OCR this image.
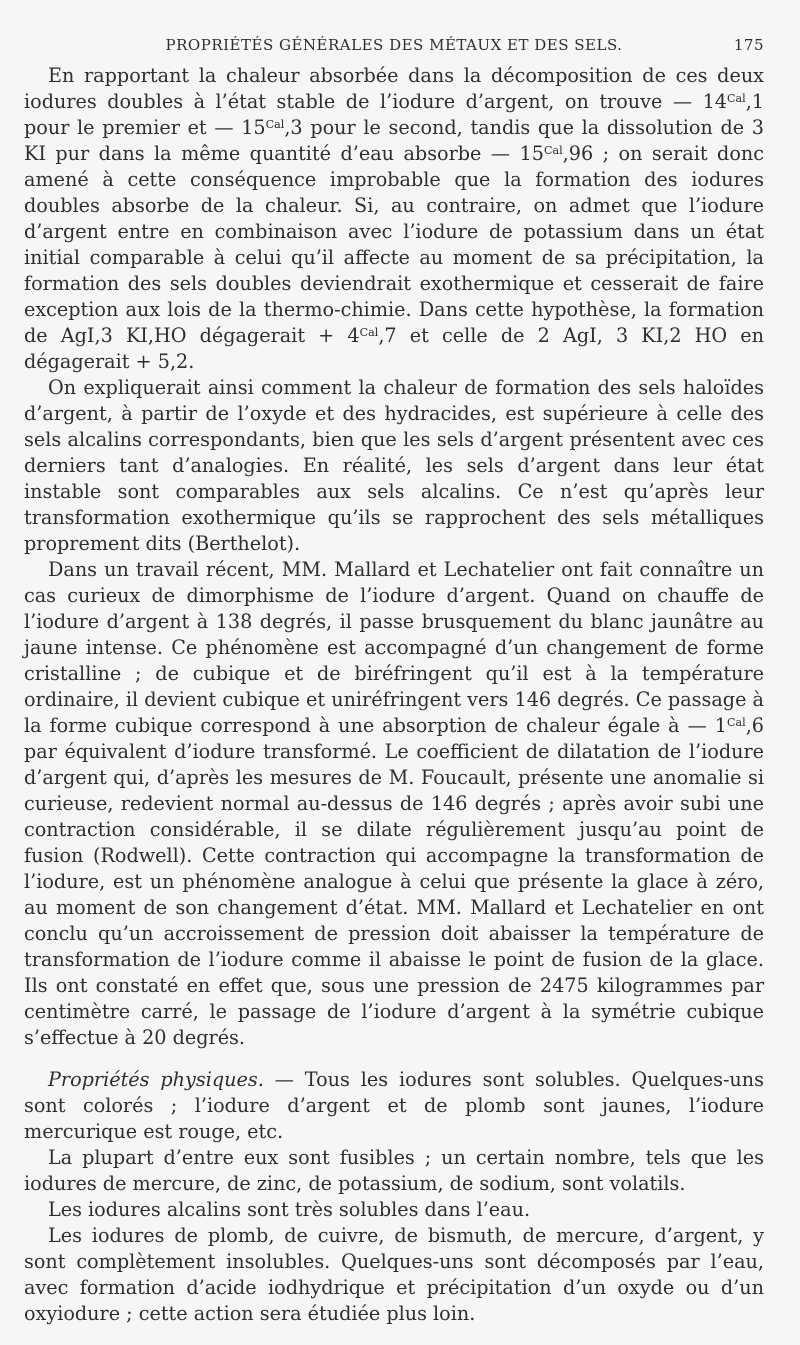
PROPRIÉTÉS GÉNÉRALES DES MÉTAUX ET DES SELS.	175

En rapportant la chaleur absorbée dans la décomposition de ces deux iodures doubles à l’état stable de l’iodure d’argent, on trouve — $14^{Cal},1$ pour le premier et — $15^{Cal},3$ pour le second, tandis que la dissolution de 3 KI pur dans la même quantité d’eau absorbe — $15^{Cal},96$ ; on serait donc amené à cette conséquence improbable que la formation des iodures doubles absorbe de la chaleur. Si, au contraire, on admet que l’iodure d’argent entre en combinaison avec l’iodure de potassium dans un état initial comparable à celui qu’il affecte au moment de sa précipitation, la formation des sels doubles deviendrait exothermique et cesserait de faire exception aux lois de la thermo-chimie. Dans cette hypothèse, la formation de AgI,3 KI,HO dégagerait + $4^{Cal},7$ et celle de 2 AgI, 3 KI,2 HO en dégagerait + 5,2.

On expliquerait ainsi comment la chaleur de formation des sels haloïdes d’argent, à partir de l’oxyde et des hydracides, est supérieure à celle des sels alcalins correspondants, bien que les sels d’argent présentent avec ces derniers tant d’analogies. En réalité, les sels d’argent dans leur état instable sont comparables aux sels alcalins. Ce n’est qu’après leur transformation exothermique qu’ils se rapprochent des sels métalliques proprement dits (Berthelot).

Dans un travail récent, MM. Mallard et Lechatelier ont fait connaître un cas curieux de dimorphisme de l’iodure d’argent. Quand on chauffe de l’iodure d’argent à 138 degrés, il passe brusquement du blanc jaunâtre au jaune intense. Ce phénomène est accompagné d’un changement de forme cristalline ; de cubique et de biréfringent qu’il est à la température ordinaire, il devient cubique et uniréfringent vers 146 degrés. Ce passage à la forme cubique correspond à une absorption de chaleur égale à — $1^{Cal},6$ par équivalent d’iodure transformé. Le coefficient de dilatation de l’iodure d’argent qui, d’après les mesures de M. Foucault, présente une anomalie si curieuse, redevient normal au-dessus de 146 degrés ; après avoir subi une contraction considérable, il se dilate régulièrement jusqu’au point de fusion (Rodwell). Cette contraction qui accompagne la transformation de l’iodure, est un phénomène analogue à celui que présente la glace à zéro, au moment de son changement d’état. MM. Mallard et Lechatelier en ont conclu qu’un accroissement de pression doit abaisser la température de transformation de l’iodure comme il abaisse le point de fusion de la glace. Ils ont constaté en effet que, sous une pression de 2475 kilogrammes par centimètre carré, le passage de l’iodure d’argent à la symétrie cubique s’effectue à 20 degrés.

Propriétés physiques. — Tous les iodures sont solubles. Quelques-uns sont colorés ; l’iodure d’argent et de plomb sont jaunes, l’iodure mercurique est rouge, etc.

La plupart d’entre eux sont fusibles ; un certain nombre, tels que les iodures de mercure, de zinc, de potassium, de sodium, sont volatils.

Les iodures alcalins sont très solubles dans l’eau.

Les iodures de plomb, de cuivre, de bismuth, de mercure, d’argent, y sont complètement insolubles. Quelques-uns sont décomposés par l’eau, avec formation d’acide iodhydrique et précipitation d’un oxyde ou d’un oxyiodure ; cette action sera étudiée plus loin.
